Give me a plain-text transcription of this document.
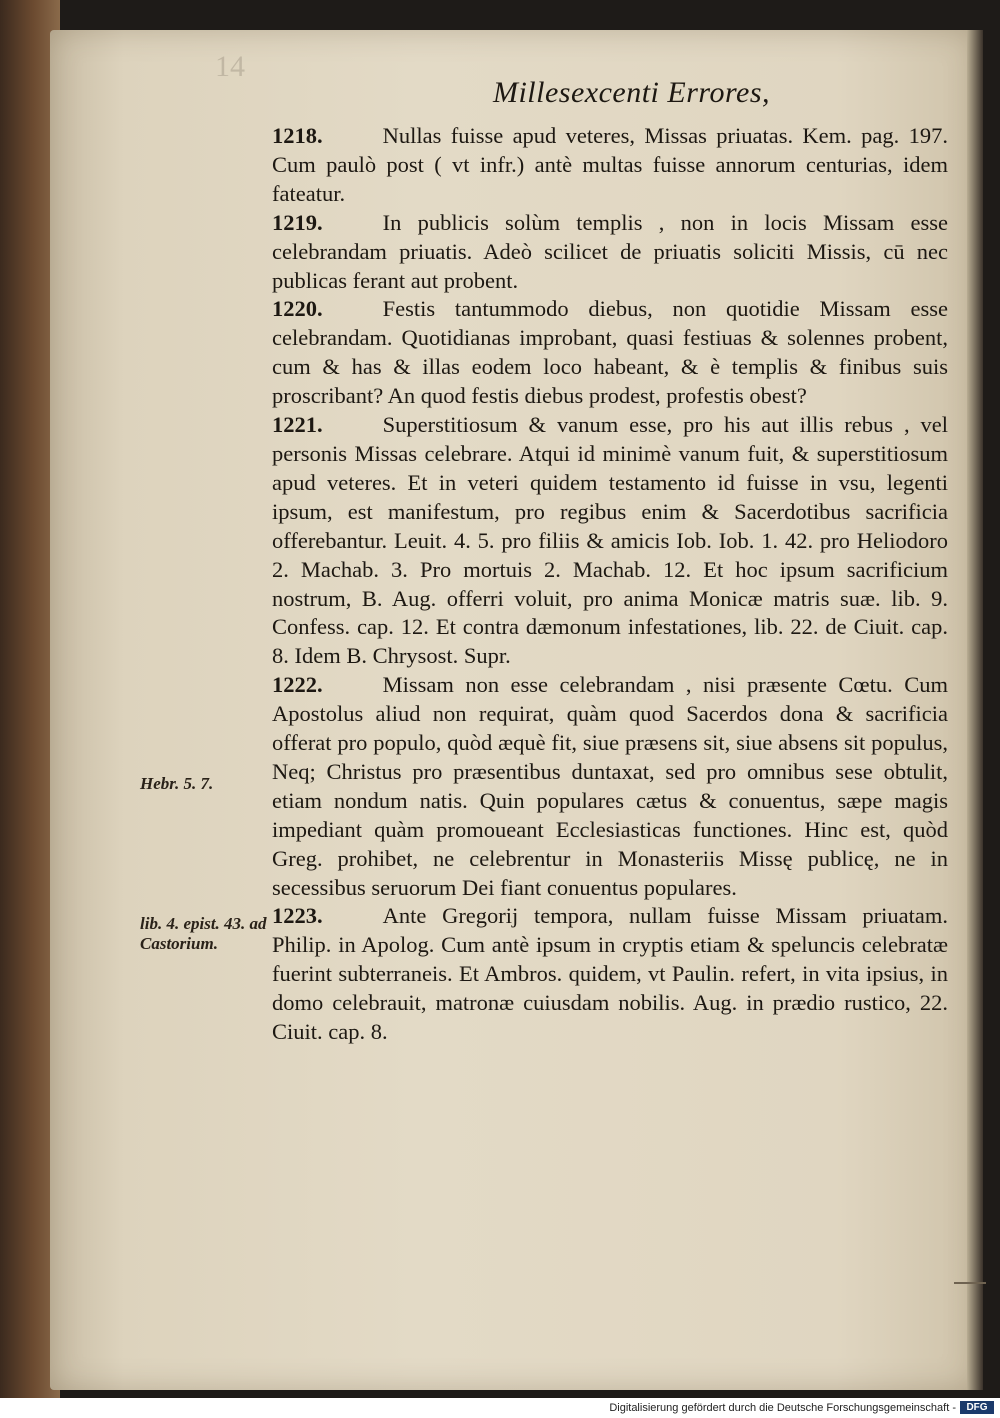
14
Millesexcenti Errores,
Hebr. 5. 7.
lib. 4. epist. 43. ad Castorium.

1218.	Nullas fuisse apud veteres, Missas priuatas. Kem. pag. 197. Cum paulò post ( vt infr.) antè multas fuisse annorum centurias, idem fateatur.

1219.	In publicis solùm templis , non in locis Missam esse celebrandam priuatis. Adeò scilicet de priuatis soliciti Missis, cū nec publicas ferant aut probent.

1220.	Festis tantummodo diebus, non quotidie Missam esse celebrandam. Quotidianas improbant, quasi festiuas & solennes probent, cum & has & illas eodem loco habeant, & è templis & finibus suis proscribant? An quod festis diebus prodest, profestis obest?

1221.	Superstitiosum & vanum esse, pro his aut illis rebus , vel personis Missas celebrare. Atqui id minimè vanum fuit, & superstitiosum apud veteres. Et in veteri quidem testamento id fuisse in vsu, legenti ipsum, est manifestum, pro regibus enim & Sacerdotibus sacrificia offerebantur. Leuit. 4. 5. pro filiis & amicis Iob. Iob. 1. 42. pro Heliodoro 2. Machab. 3. Pro mortuis 2. Machab. 12. Et hoc ipsum sacrificium nostrum, B. Aug. offerri voluit, pro anima Monicæ matris suæ. lib. 9. Confess. cap. 12. Et contra dæmonum infestationes, lib. 22. de Ciuit. cap. 8. Idem B. Chrysost. Supr.

1222.	Missam non esse celebrandam , nisi præsente Cœtu. Cum Apostolus aliud non requirat, quàm quod Sacerdos dona & sacrificia offerat pro populo, quòd æquè fit, siue præsens sit, siue absens sit populus, Neq; Christus pro præsentibus duntaxat, sed pro omnibus sese obtulit, etiam nondum natis. Quin populares cætus & conuentus, sæpe magis impediant quàm promoueant Ecclesiasticas functiones. Hinc est, quòd Greg. prohibet, ne celebrentur in Monasteriis Missę publicę, ne in secessibus seruorum Dei fiant conuentus populares.

1223.	Ante Gregorij tempora, nullam fuisse Missam priuatam. Philip. in Apolog. Cum antè ipsum in cryptis etiam & speluncis celebratæ fuerint subterraneis. Et Ambros. quidem, vt Paulin. refert, in vita ipsius, in domo celebrauit, matronæ cuiusdam nobilis. Aug. in prædio rustico, 22. Ciuit. cap. 8.

Digitalisierung gefördert durch die Deutsche Forschungsgemeinschaft -	DFG
